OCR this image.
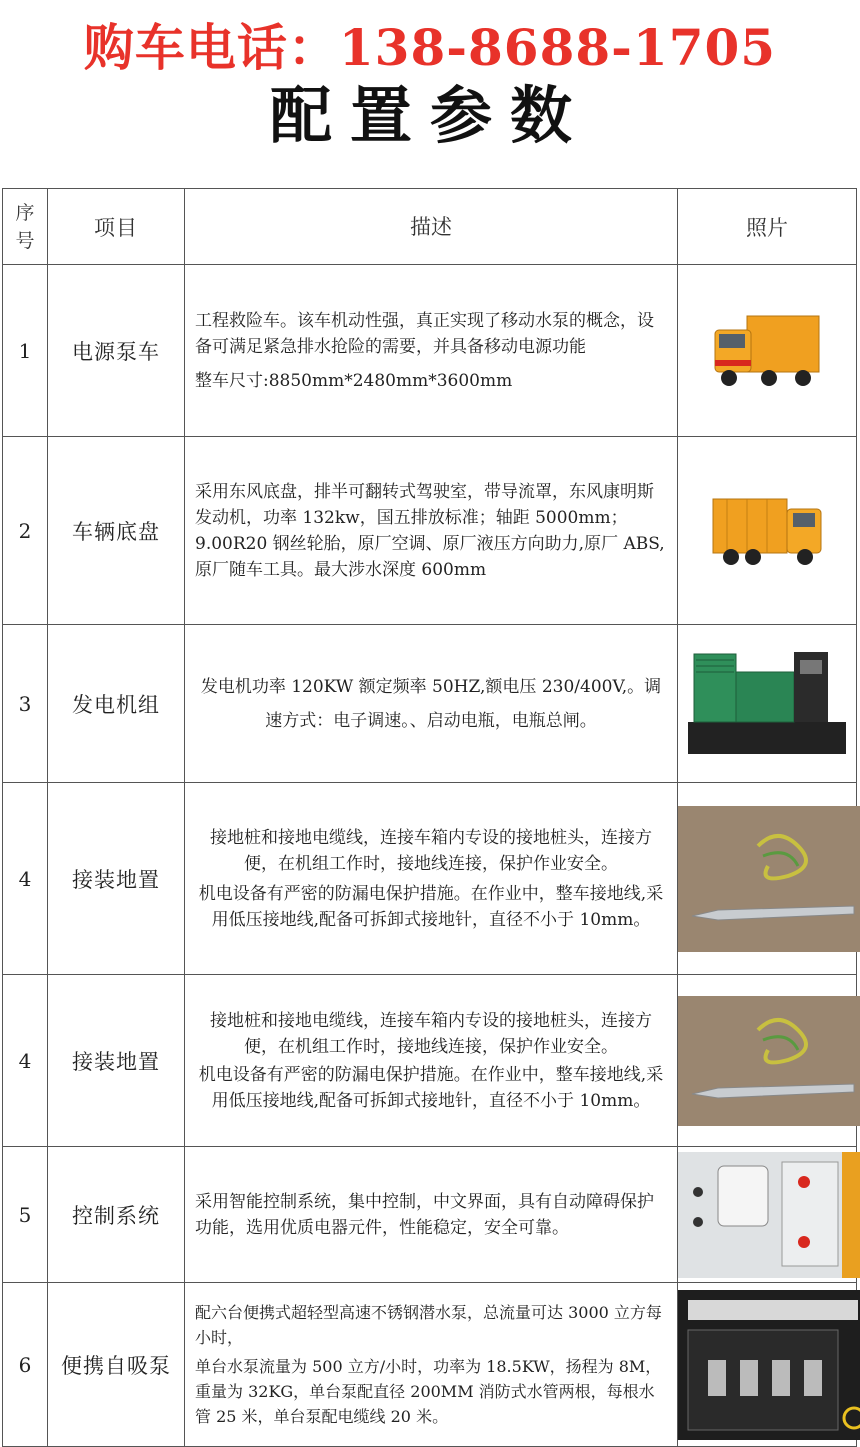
购车电话：138-8688-1705
配置参数
序
号	项目	描述	照片
1	电源泵车	工程救险车。该车机动性强，真正实现了移动水泵的概念，设备可满足紧急排水抢险的需要，并具备移动电源功能

整车尺寸:8850mm*2480mm*3600mm

2	车辆底盘	采用东风底盘，排半可翻转式驾驶室，带导流罩，东风康明斯发动机，功率 132kw，国五排放标准；轴距 5000mm；9.00R20 钢丝轮胎，原厂空调、原厂液压方向助力,原厂 ABS,原厂随车工具。最大涉水深度 600mm

3	发电机组	发电机功率 120KW 额定频率 50HZ,额电压 230/400V,。调速方式：电子调速。、启动电瓶，电瓶总闸。

4	接装地置	接地桩和接地电缆线，连接车箱内专设的接地桩头，连接方便，在机组工作时，接地线连接，保护作业安全。

机电设备有严密的防漏电保护措施。在作业中，整车接地线,采用低压接地线,配备可拆卸式接地针，直径不小于 10mm。

4	接装地置	接地桩和接地电缆线，连接车箱内专设的接地桩头，连接方便，在机组工作时，接地线连接，保护作业安全。

机电设备有严密的防漏电保护措施。在作业中，整车接地线,采用低压接地线,配备可拆卸式接地针，直径不小于 10mm。

5	控制系统	采用智能控制系统，集中控制，中文界面，具有自动障碍保护功能，选用优质电器元件，性能稳定，安全可靠。

6	便携自吸泵	配六台便携式超轻型高速不锈钢潜水泵，总流量可达 3000 立方每小时，

单台水泵流量为 500 立方/小时，功率为 18.5KW，扬程为 8M，重量为 32KG，单台泵配直径 200MM 消防式水管两根，每根水管 25 米，单台泵配电缆线 20 米。
